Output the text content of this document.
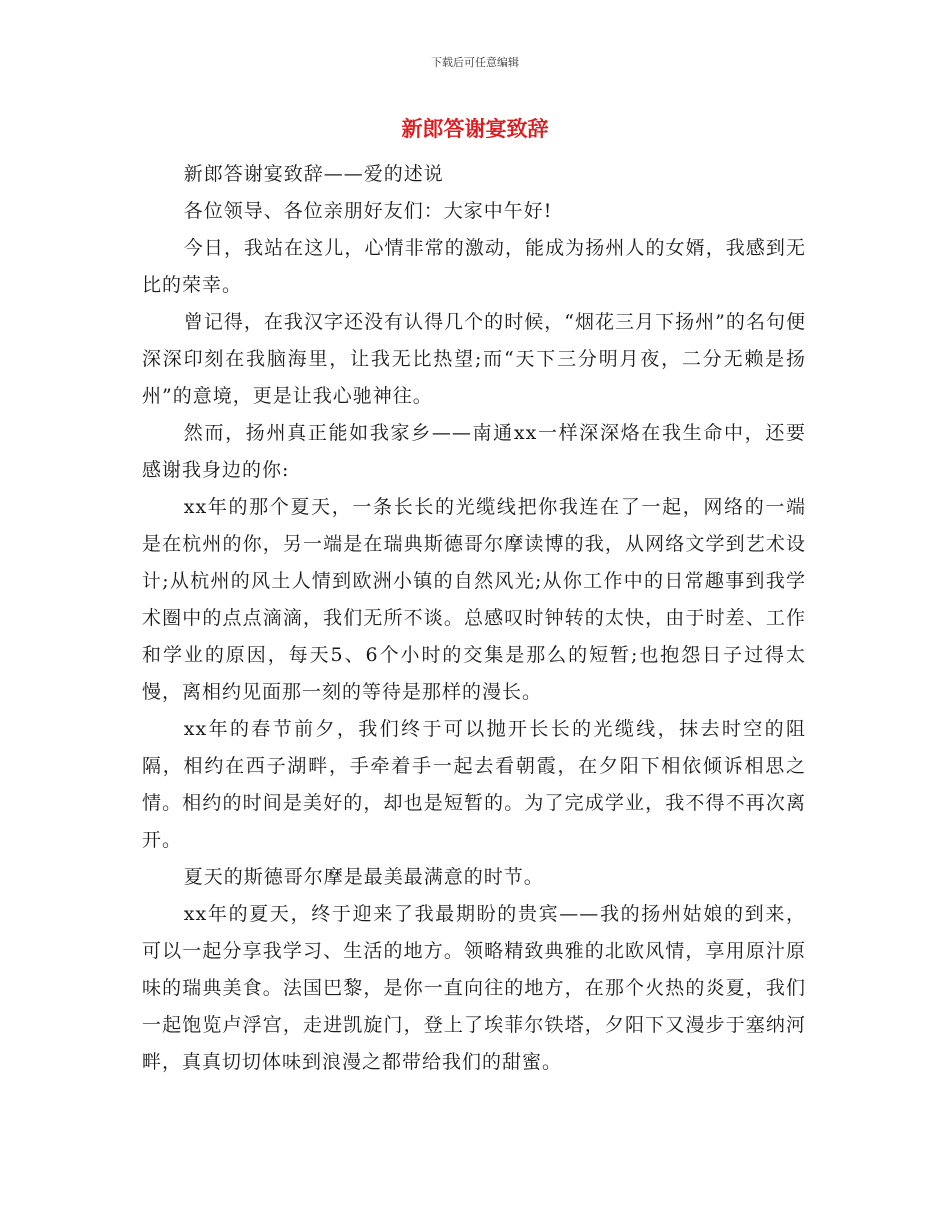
下载后可任意编辑
新郎答谢宴致辞

新郎答谢宴致辞——爱的述说

各位领导、各位亲朋好友们：大家中午好!

今日，我站在这儿，心情非常的激动，能成为扬州人的女婿，我感到无比的荣幸。

曾记得，在我汉字还没有认得几个的时候，“烟花三月下扬州”的名句便深深印刻在我脑海里，让我无比热望;而“天下三分明月夜，二分无赖是扬州”的意境，更是让我心驰神往。

然而，扬州真正能如我家乡——南通xx一样深深烙在我生命中，还要感谢我身边的你:

xx年的那个夏天，一条长长的光缆线把你我连在了一起，网络的一端是在杭州的你，另一端是在瑞典斯德哥尔摩读博的我，从网络文学到艺术设计;从杭州的风土人情到欧洲小镇的自然风光;从你工作中的日常趣事到我学术圈中的点点滴滴，我们无所不谈。总感叹时钟转的太快，由于时差、工作和学业的原因，每天5、6个小时的交集是那么的短暂;也抱怨日子过得太慢，离相约见面那一刻的等待是那样的漫长。

xx年的春节前夕，我们终于可以抛开长长的光缆线，抹去时空的阻隔，相约在西子湖畔，手牵着手一起去看朝霞，在夕阳下相依倾诉相思之情。相约的时间是美好的，却也是短暂的。为了完成学业，我不得不再次离开。

夏天的斯德哥尔摩是最美最满意的时节。

xx年的夏天，终于迎来了我最期盼的贵宾——我的扬州姑娘的到来，可以一起分享我学习、生活的地方。领略精致典雅的北欧风情，享用原汁原味的瑞典美食。法国巴黎，是你一直向往的地方，在那个火热的炎夏，我们一起饱览卢浮宫，走进凯旋门，登上了埃菲尔铁塔，夕阳下又漫步于塞纳河畔，真真切切体味到浪漫之都带给我们的甜蜜。
